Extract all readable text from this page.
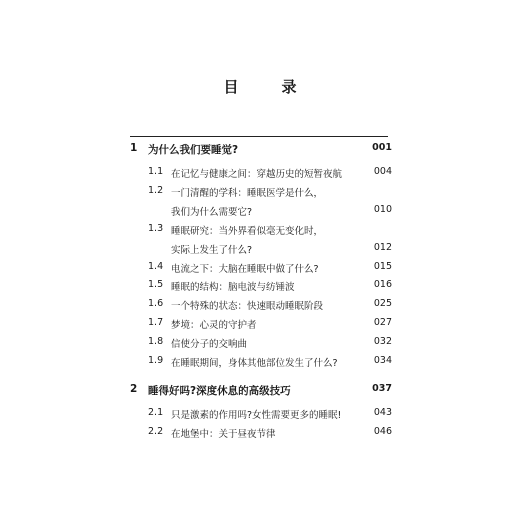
目　录
1 为什么我们要睡觉?	001
1.1 在记忆与健康之间：穿越历史的短暂夜航	004
1.2 一门清醒的学科：睡眠医学是什么，
我们为什么需要它?	010
1.3 睡眠研究：当外界看似毫无变化时，
实际上发生了什么?	012
1.4 电流之下：大脑在睡眠中做了什么?	015
1.5 睡眠的结构：脑电波与纺锤波	016
1.6 一个特殊的状态：快速眼动睡眠阶段	025
1.7 梦境：心灵的守护者	027
1.8 信使分子的交响曲	032
1.9 在睡眠期间，身体其他部位发生了什么?	034
2 睡得好吗?深度休息的高级技巧	037
2.1 只是激素的作用吗?女性需要更多的睡眠!	043
2.2 在地堡中：关于昼夜节律	046
